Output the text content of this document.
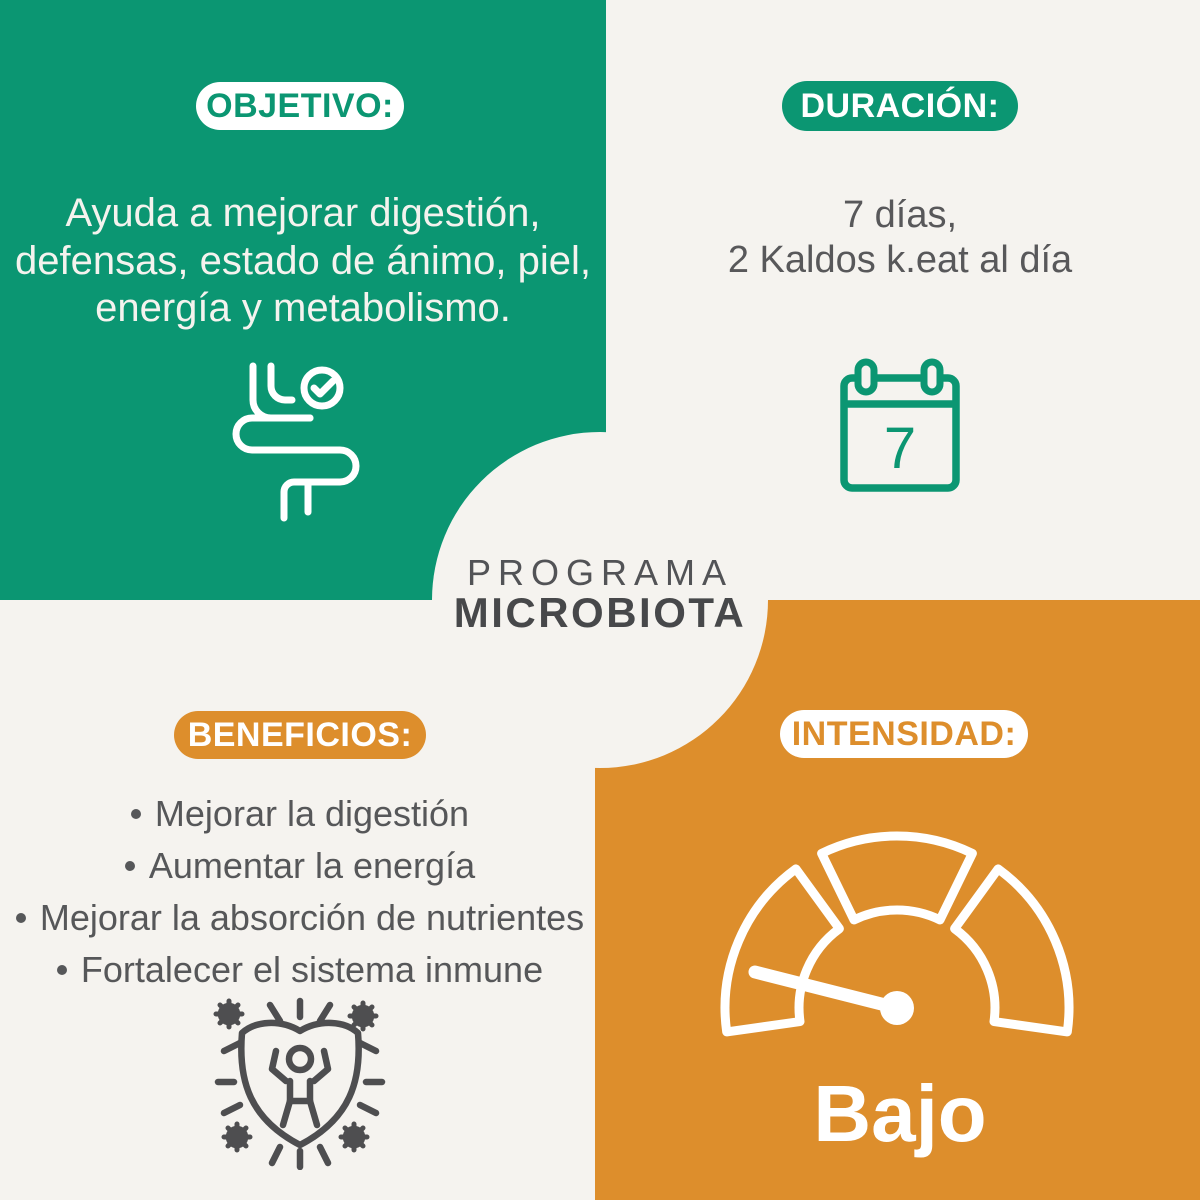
PROGRAMA
MICROBIOTA
OBJETIVO:
Ayuda a mejorar digestión,
defensas, estado de ánimo, piel,
energía y metabolismo.
DURACIÓN:
7 días,
2 Kaldos k.eat al día
7
BENEFICIOS:
Mejorar la digestión
Aumentar la energía
Mejorar la absorción de nutrientes
Fortalecer el sistema inmune
INTENSIDAD:
Bajo
